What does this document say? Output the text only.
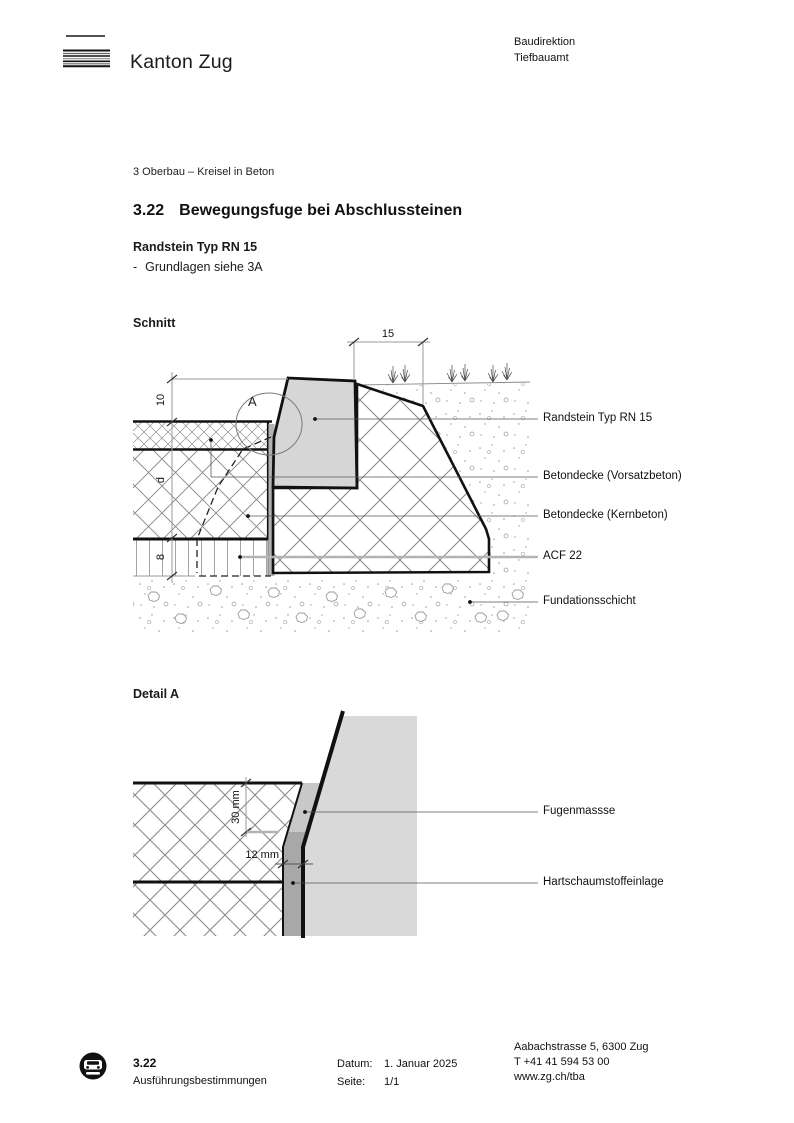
Kanton Zug
Baudirektion
Tiefbauamt
3 Oberbau – Kreisel in Beton
3.22 Bewegungsfuge bei Abschlussteinen
Randstein Typ RN 15
- Grundlagen siehe 3A
Schnitt
A
15
10
d
8
Randstein Typ RN 15
Betondecke (Vorsatzbeton)
Betondecke (Kernbeton)
ACF 22
Fundationsschicht
Detail A
30 mm
12 mm
Fugenmassse
Hartschaumstoffeinlage
3.22
Ausführungsbestimmungen
Datum: 1. Januar 2025
Seite: 1/1
Aabachstrasse 5, 6300 Zug
T +41 41 594 53 00
www.zg.ch/tba
